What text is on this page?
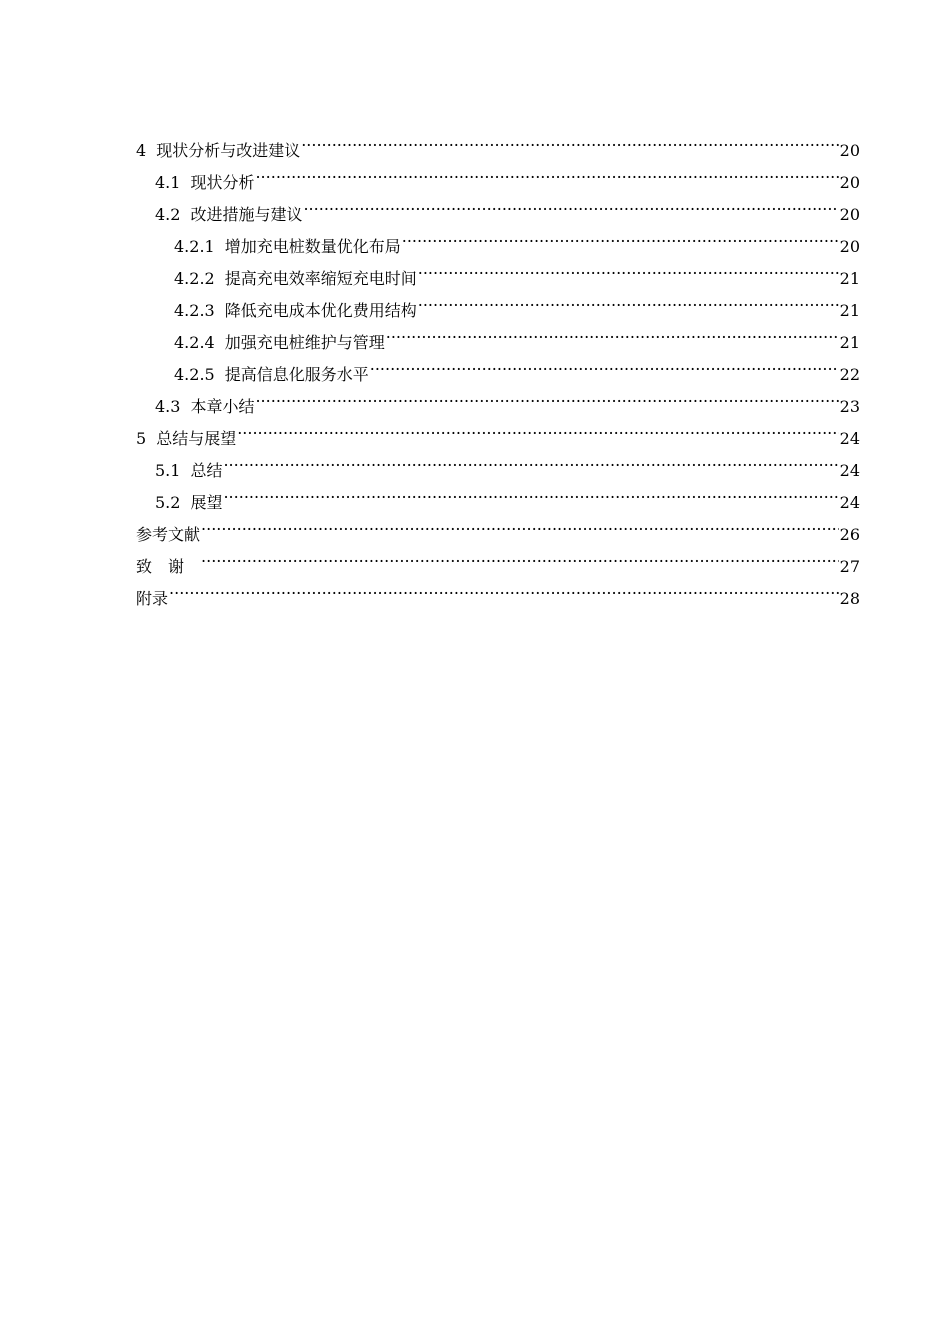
4 现状分析与改进建议 .....	20
4.1 现状分析 .....	20
4.2 改进措施与建议 .....	20
4.2.1 增加充电桩数量优化布局 .....	20
4.2.2 提高充电效率缩短充电时间 .....	21
4.2.3 降低充电成本优化费用结构 .....	21
4.2.4 加强充电桩维护与管理 .....	21
4.2.5 提高信息化服务水平 .....	22
4.3 本章小结 .....	23
5 总结与展望 .....	24
5.1 总结 .....	24
5.2 展望 .....	24
参考文献 .....	26
致谢 .....	27
附录 .....	28
